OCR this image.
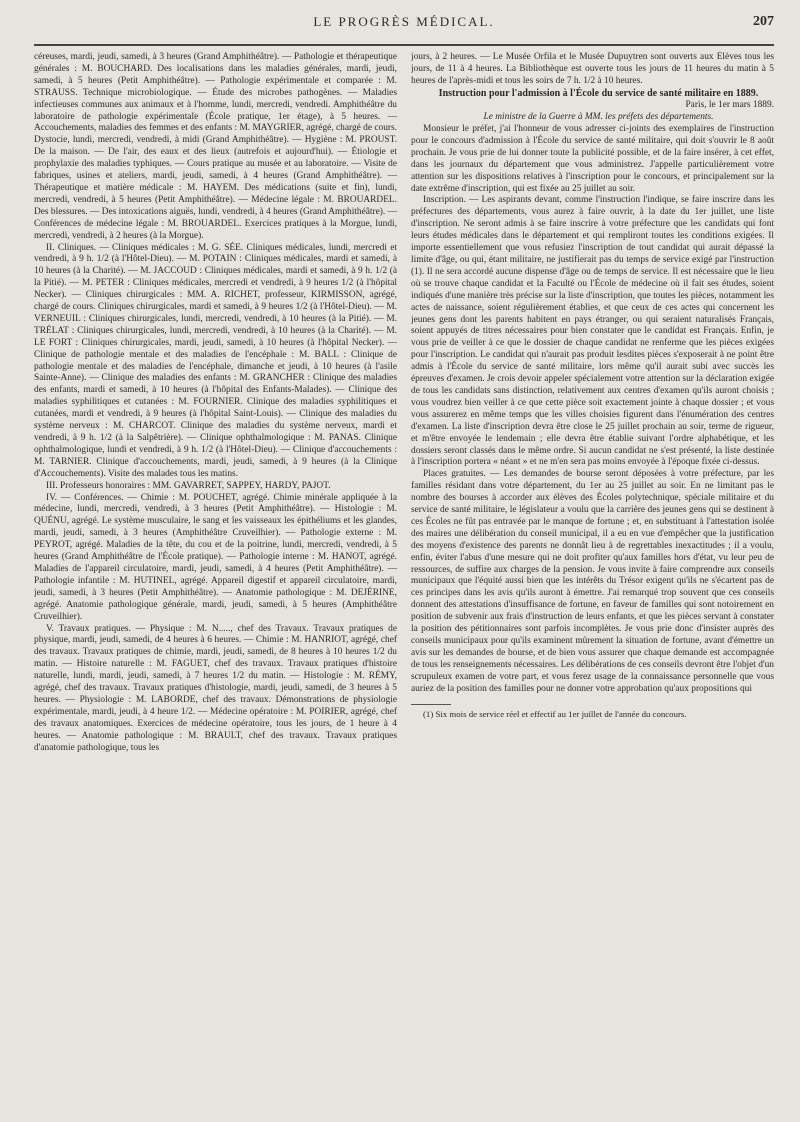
LE PROGRÈS MÉDICAL.	207

céreuses, mardi, jeudi, samedi, à 3 heures (Grand Amphithéâtre). — Pathologie et thérapeutique générales : M. BOUCHARD. Des localisations dans les maladies générales, mardi, jeudi, samedi, à 5 heures (Petit Amphithéâtre). — Pathologie expérimentale et comparée : M. STRAUSS. Technique microbiologique. — Étude des microbes pathogènes. — Maladies infectieuses communes aux animaux et à l'homme, lundi, mercredi, vendredi. Amphithéâtre du laboratoire de pathologie expérimentale (École pratique, 1er étage), à 5 heures. — Accouchements, maladies des femmes et des enfants : M. MAYGRIER, agrégé, chargé de cours. Dystocie, lundi, mercredi, vendredi, à midi (Grand Amphithéâtre). — Hygiène : M. PROUST. De la maison. — De l'air, des eaux et des lieux (autrefois et aujourd'hui). — Étiologie et prophylaxie des maladies typhiques. — Cours pratique au musée et au laboratoire. — Visite de fabriques, usines et ateliers, mardi, jeudi, samedi, à 4 heures (Grand Amphithéâtre). — Thérapeutique et matière médicale : M. HAYEM. Des médications (suite et fin), lundi, mercredi, vendredi, à 5 heures (Petit Amphithéâtre). — Médecine légale : M. BROUARDEL. Des blessures. — Des intoxications aiguës, lundi, vendredi, à 4 heures (Grand Amphithéâtre). — Conférences de médecine légale : M. BROUARDEL. Exercices pratiques à la Morgue, lundi, mercredi, vendredi, à 2 heures (à la Morgue).

II. Cliniques. — Cliniques médicales : M. G. SÉE. Cliniques médicales, lundi, mercredi et vendredi, à 9 h. 1/2 (à l'Hôtel-Dieu). — M. POTAIN : Cliniques médicales, mardi et samedi, à 10 heures (à la Charité). — M. JACCOUD : Cliniques médicales, mardi et samedi, à 9 h. 1/2 (à la Pitié). — M. PETER : Cliniques médicales, mercredi et vendredi, à 9 heures 1/2 (à l'hôpital Necker). — Cliniques chirurgicales : MM. A. RICHET, professeur, KIRMISSON, agrégé, chargé de cours. Cliniques chirurgicales, mardi et samedi, à 9 heures 1/2 (à l'Hôtel-Dieu). — M. VERNEUIL : Cliniques chirurgicales, lundi, mercredi, vendredi, à 10 heures (à la Pitié). — M. TRÉLAT : Cliniques chirurgicales, lundi, mercredi, vendredi, à 10 heures (à la Charité). — M. LE FORT : Cliniques chirurgicales, mardi, jeudi, samedi, à 10 heures (à l'hôpital Necker). — Clinique de pathologie mentale et des maladies de l'encéphale : M. BALL : Clinique de pathologie mentale et des maladies de l'encéphale, dimanche et jeudi, à 10 heures (à l'asile Sainte-Anne). — Clinique des maladies des enfants : M. GRANCHER : Clinique des maladies des enfants, mardi et samedi, à 10 heures (à l'hôpital des Enfants-Malades). — Clinique des maladies syphilitiques et cutanées : M. FOURNIER. Clinique des maladies syphilitiques et cutanées, mardi et vendredi, à 9 heures (à l'hôpital Saint-Louis). — Clinique des maladies du système nerveux : M. CHARCOT. Clinique des maladies du système nerveux, mardi et vendredi, à 9 h. 1/2 (à la Salpêtrière). — Clinique ophthalmologique : M. PANAS. Clinique ophthalmologique, lundi et vendredi, à 9 h. 1/2 (à l'Hôtel-Dieu). — Clinique d'accouchements : M. TARNIER. Clinique d'accouchements, mardi, jeudi, samedi, à 9 heures (à la Clinique d'Accouchements). Visite des malades tous les matins.

III. Professeurs honoraires : MM. GAVARRET, SAPPEY, HARDY, PAJOT.

IV. — Conférences. — Chimie : M. POUCHET, agrégé. Chimie minérale appliquée à la médecine, lundi, mercredi, vendredi, à 3 heures (Petit Amphithéâtre). — Histologie : M. QUÉNU, agrégé. Le système musculaire, le sang et les vaisseaux les épithéliums et les glandes, mardi, jeudi, samedi, à 3 heures (Amphithéâtre Cruveilhier). — Pathologie externe : M. PEYROT, agrégé. Maladies de la tête, du cou et de la poitrine, lundi, mercredi, vendredi, à 5 heures (Grand Amphithéâtre de l'École pratique). — Pathologie interne : M. HANOT, agrégé. Maladies de l'appareil circulatoire, mardi, jeudi, samedi, à 4 heures (Petit Amphithéâtre). — Pathologie infantile : M. HUTINEL, agrégé. Appareil digestif et appareil circulatoire, mardi, jeudi, samedi, à 3 heures (Petit Amphithéâtre). — Anatomie pathologique : M. DEJÉRINE, agrégé. Anatomie pathologique générale, mardi, jeudi, samedi, à 5 heures (Amphithéâtre Cruveilhier).

V. Travaux pratiques. — Physique : M. N....., chef des Travaux. Travaux pratiques de physique, mardi, jeudi, samedi, de 4 heures à 6 heures. — Chimie : M. HANRIOT, agrégé, chef des travaux. Travaux pratiques de chimie, mardi, jeudi, samedi, de 8 heures à 10 heures 1/2 du matin. — Histoire naturelle : M. FAGUET, chef des travaux. Travaux pratiques d'histoire naturelle, lundi, mardi, jeudi, samedi, à 7 heures 1/2 du matin. — Histologie : M. RÉMY, agrégé, chef des travaux. Travaux pratiques d'histologie, mardi, jeudi, samedi, de 3 heures à 5 heures. — Physiologie : M. LABORDE, chef des travaux. Démonstrations de physiologie expérimentale, mardi, jeudi, à 4 heure 1/2. — Médecine opératoire : M. POIRIER, agrégé, chef des travaux anatomiques. Exercices de médecine opératoire, tous les jours, de 1 heure à 4 heures. — Anatomie pathologique : M. BRAULT, chef des travaux. Travaux pratiques d'anatomie pathologique, tous les

jours, à 2 heures. — Le Musée Orfila et le Musée Dupuytren sont ouverts aux Élèves tous les jours, de 11 à 4 heures. La Bibliothèque est ouverte tous les jours de 11 heures du matin à 5 heures de l'après-midi et tous les soirs de 7 h. 1/2 à 10 heures.

Instruction pour l'admission à l'École du service de santé militaire en 1889.

Paris, le 1er mars 1889.

Le ministre de la Guerre à MM. les préfets des départements.

Monsieur le préfet, j'ai l'honneur de vous adresser ci-joints des exemplaires de l'instruction pour le concours d'admission à l'École du service de santé militaire, qui doit s'ouvrir le 8 août prochain. Je vous prie de lui donner toute la publicité possible, et de la faire insérer, à cet effet, dans les journaux du département que vous administrez. J'appelle particulièrement votre attention sur les dispositions relatives à l'inscription pour le concours, et principalement sur la date extrême d'inscription, qui est fixée au 25 juillet au soir.

Inscription. — Les aspirants devant, comme l'instruction l'indique, se faire inscrire dans les préfectures des départements, vous aurez à faire ouvrir, à la date du 1er juillet, une liste d'inscription. Ne seront admis à se faire inscrire à votre préfecture que les candidats qui font leurs études médicales dans le département et qui rempliront toutes les conditions exigées. Il importe essentiellement que vous refusiez l'inscription de tout candidat qui aurait dépassé la limite d'âge, ou qui, étant militaire, ne justifierait pas du temps de service exigé par l'instruction (1). Il ne sera accordé aucune dispense d'âge ou de temps de service. Il est nécessaire que le lieu où se trouve chaque candidat et la Faculté ou l'École de médecine où il fait ses études, soient indiqués d'une manière très précise sur la liste d'inscription, que toutes les pièces, notamment les actes de naissance, soient régulièrement établies, et que ceux de ces actes qui concernent les jeunes gens dont les parents habitent en pays étranger, ou qui seraient naturalisés Français, soient appuyés de titres nécessaires pour bien constater que le candidat est Français. Enfin, je vous prie de veiller à ce que le dossier de chaque candidat ne renferme que les pièces exigées pour l'inscription. Le candidat qui n'aurait pas produit lesdites pièces s'exposerait à ne point être admis à l'École du service de santé militaire, lors même qu'il aurait subi avec succès les épreuves d'examen. Je crois devoir appeler spécialement votre attention sur la déclaration exigée de tous les candidats sans distinction, relativement aux centres d'examen qu'ils auront choisis ; vous voudrez bien veiller à ce que cette pièce soit exactement jointe à chaque dossier ; et vous vous assurerez en même temps que les villes choisies figurent dans l'énumération des centres d'examen. La liste d'inscription devra être close le 25 juillet prochain au soir, terme de rigueur, et m'être envoyée le lendemain ; elle devra être établie suivant l'ordre alphabétique, et les dossiers seront classés dans le même ordre. Si aucun candidat ne s'est présenté, la liste destinée à l'inscription portera « néant » et ne m'en sera pas moins envoyée à l'époque fixée ci-dessus.

Places gratuites. — Les demandes de bourse seront déposées à votre préfecture, par les familles résidant dans votre département, du 1er au 25 juillet au soir. En ne limitant pas le nombre des bourses à accorder aux élèves des Écoles polytechnique, spéciale militaire et du service de santé militaire, le législateur a voulu que la carrière des jeunes gens qui se destinent à ces Écoles ne fût pas entravée par le manque de fortune ; et, en substituant à l'attestation isolée des maires une délibération du conseil municipal, il a eu en vue d'empêcher que la justification des moyens d'existence des parents ne donnât lieu à de regrettables inexactitudes ; il a voulu, enfin, éviter l'abus d'une mesure qui ne doit profiter qu'aux familles hors d'état, vu leur peu de ressources, de suffire aux charges de la pension. Je vous invite à faire comprendre aux conseils municipaux que l'équité aussi bien que les intérêts du Trésor exigent qu'ils ne s'écartent pas de ces principes dans les avis qu'ils auront à émettre. J'ai remarqué trop souvent que ces conseils donnent des attestations d'insuffisance de fortune, en faveur de familles qui sont notoirement en position de subvenir aux frais d'instruction de leurs enfants, et que les pièces servant à constater la position des pétitionnaires sont parfois incomplètes. Je vous prie donc d'insister auprès des conseils municipaux pour qu'ils examinent mûrement la situation de fortune, avant d'émettre un avis sur les demandes de bourse, et de bien vous assurer que chaque demande est accompagnée de tous les renseignements nécessaires. Les délibérations de ces conseils devront être l'objet d'un scrupuleux examen de votre part, et vous ferez usage de la connaissance personnelle que vous auriez de la position des familles pour ne donner votre approbation qu'aux propositions qui

(1) Six mois de service réel et effectif au 1er juillet de l'année du concours.
